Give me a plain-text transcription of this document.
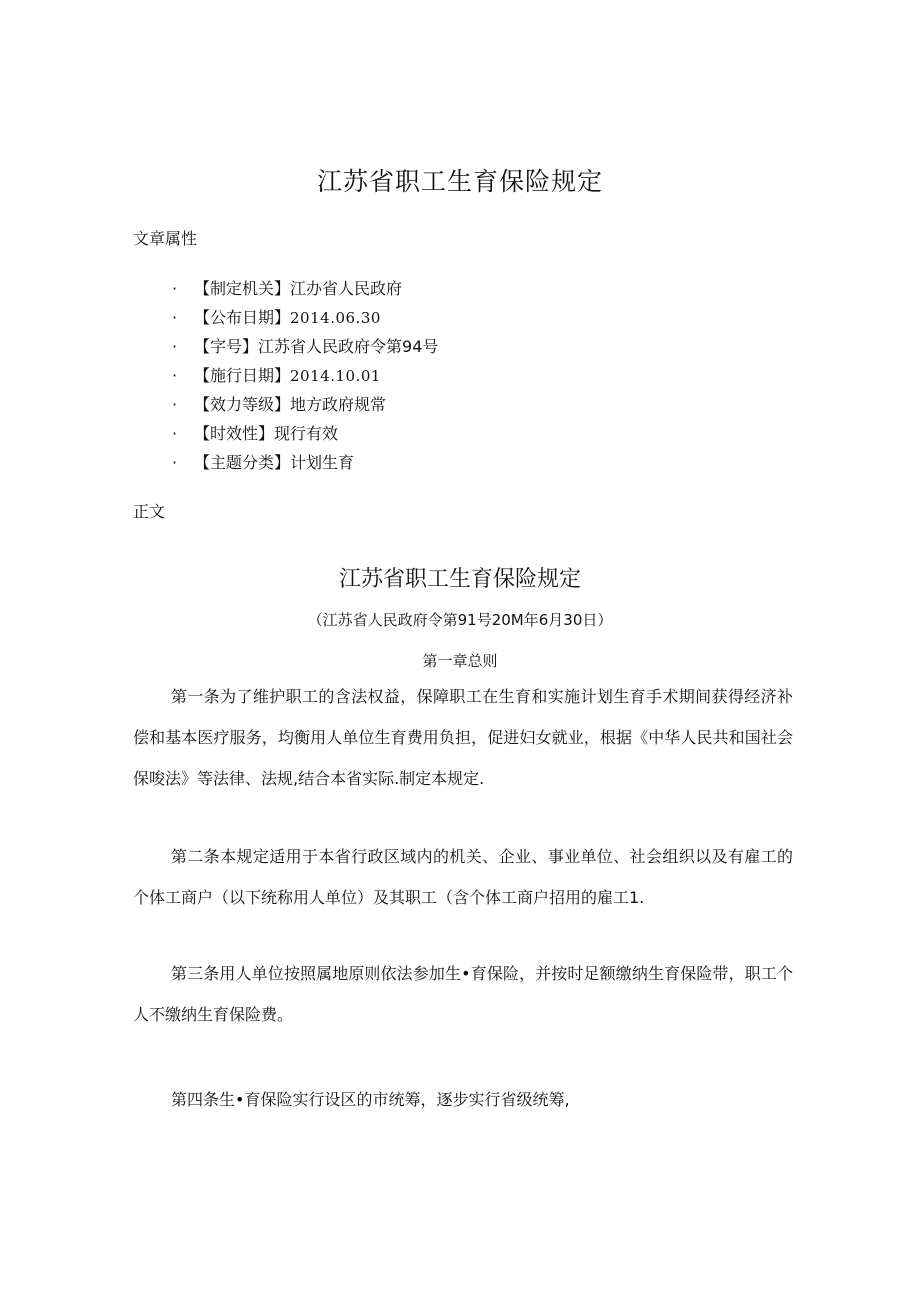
江苏省职工生育保险规定
文章属性
· 【制定机关】江办省人民政府
· 【公布日期】2014.06.30
· 【字号】江苏省人民政府令第94号
· 【施行日期】2014.10.01
· 【效力等级】地方政府规常
· 【时效性】现行有效
· 【主题分类】计划生育
正文
江苏省职工生育保险规定
（江苏省人民政府令第91号20M年6月30日）
第一章总则

第一条为了维护职工的含法权益，保障职工在生育和实施计划生育手术期间获得经济补偿和基本医疗服务，均衡用人单位生育费用负担，促进妇女就业，根据《中华人民共和国社会保唆法》等法律、法规,结合本省实际.制定本规定.

第二条本规定适用于本省行政区域内的机关、企业、事业单位、社会组织以及有雇工的个体工商户（以下统称用人单位）及其职工（含个体工商户招用的雇工1.

第三条用人单位按照属地原则依法参加生•育保险，并按时足额缴纳生育保险带，职工个人不缴纳生育保险费。

第四条生•育保险实行设区的市统筹，逐步实行省级统筹,
